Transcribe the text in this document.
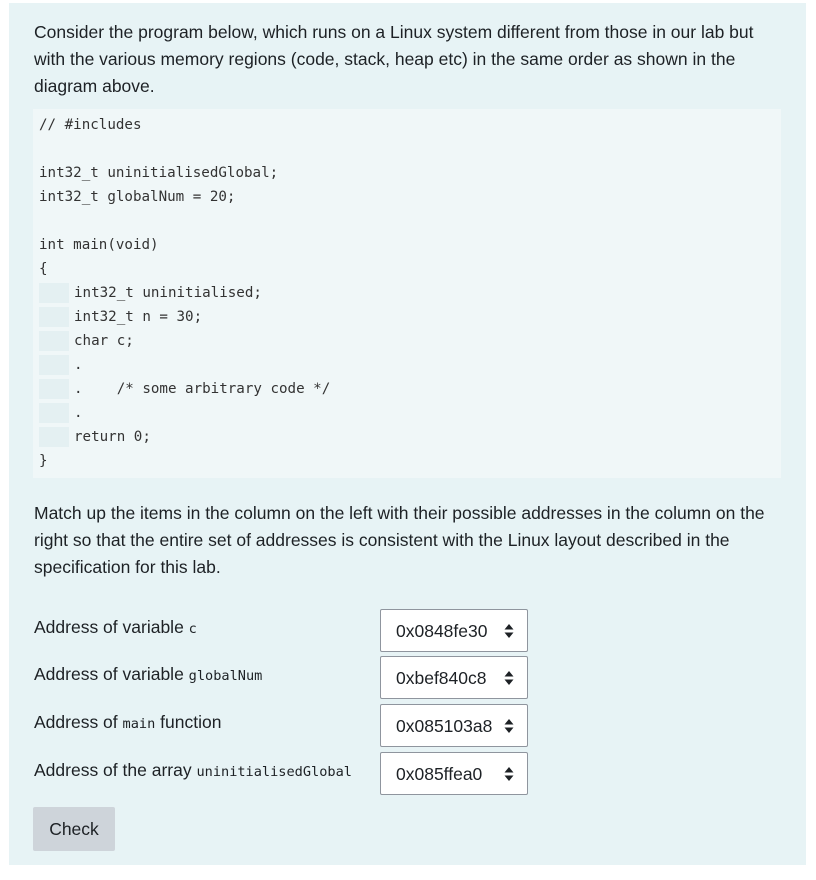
Consider the program below, which runs on a Linux system different from those in our lab but with the various memory regions (code, stack, heap etc) in the same order as shown in the diagram above.
// #includes
int32_t uninitialisedGlobal;
int32_t globalNum = 20;
int main(void)
{
int32_t uninitialised;
int32_t n = 30;
char c;
.
.    /* some arbitrary code */
.
return 0;
}
Match up the items in the column on the left with their possible addresses in the column on the right so that the entire set of addresses is consistent with the Linux layout described in the specification for this lab.
Address of variable c	0x0848fe30
Address of variable globalNum	0xbef840c8
Address of main function	0x085103a8
Address of the array uninitialisedGlobal	0x085ffea0
Check
